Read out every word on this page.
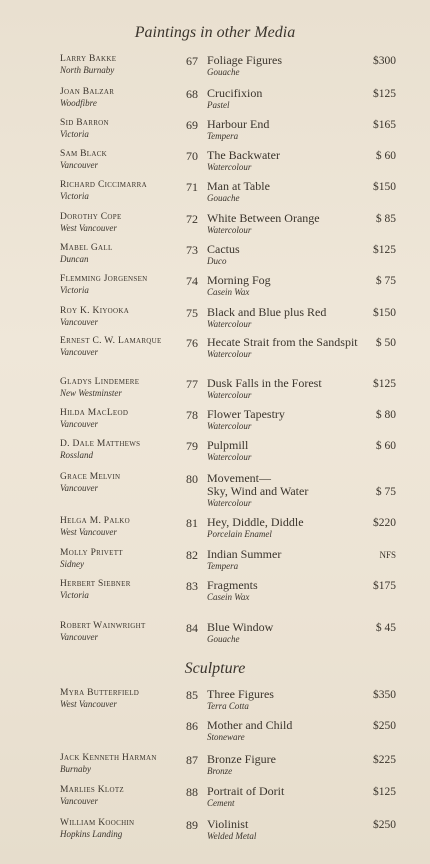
Paintings in other Media
Sculpture
Larry Bakke
North Burnaby
67 Foliage Figures
Gouache
$300
Joan Balzar
Woodfibre
68 Crucifixion
Pastel
$125
Sid Barron
Victoria
69 Harbour End
Tempera
$165
Sam Black
Vancouver
70 The Backwater
Watercolour
$ 60
Richard Ciccimarra
Victoria
71 Man at Table
Gouache
$150
Dorothy Cope
West Vancouver
72 White Between Orange
Watercolour
$ 85
Mabel Gall
Duncan
73 Cactus
Duco
$125
Flemming Jorgensen
Victoria
74 Morning Fog
Casein Wax
$ 75
Roy K. Kiyooka
Vancouver
75 Black and Blue plus Red
Watercolour
$150
Ernest C. W. Lamarque
Vancouver
76 Hecate Strait from the Sandspit
Watercolour
$ 50
Gladys Lindemere
New Westminster
77 Dusk Falls in the Forest
Watercolour
$125
Hilda MacLeod
Vancouver
78 Flower Tapestry
Watercolour
$ 80
D. Dale Matthews
Rossland
79 Pulpmill
Watercolour
$ 60
Grace Melvin
Vancouver
80 Movement—
Sky, Wind and Water
Watercolour
$ 75
Helga M. Palko
West Vancouver
81 Hey, Diddle, Diddle
Porcelain Enamel
$220
Molly Privett
Sidney
82 Indian Summer
Tempera
NFS
Herbert Siebner
Victoria
83 Fragments
Casein Wax
$175
Robert Wainwright
Vancouver
84 Blue Window
Gouache
$ 45
Myra Butterfield
West Vancouver
85 Three Figures
Terra Cotta
$350
86 Mother and Child
Stoneware
$250
Jack Kenneth Harman
Burnaby
87 Bronze Figure
Bronze
$225
Marlies Klotz
Vancouver
88 Portrait of Dorit
Cement
$125
William Koochin
Hopkins Landing
89 Violinist
Welded Metal
$250
